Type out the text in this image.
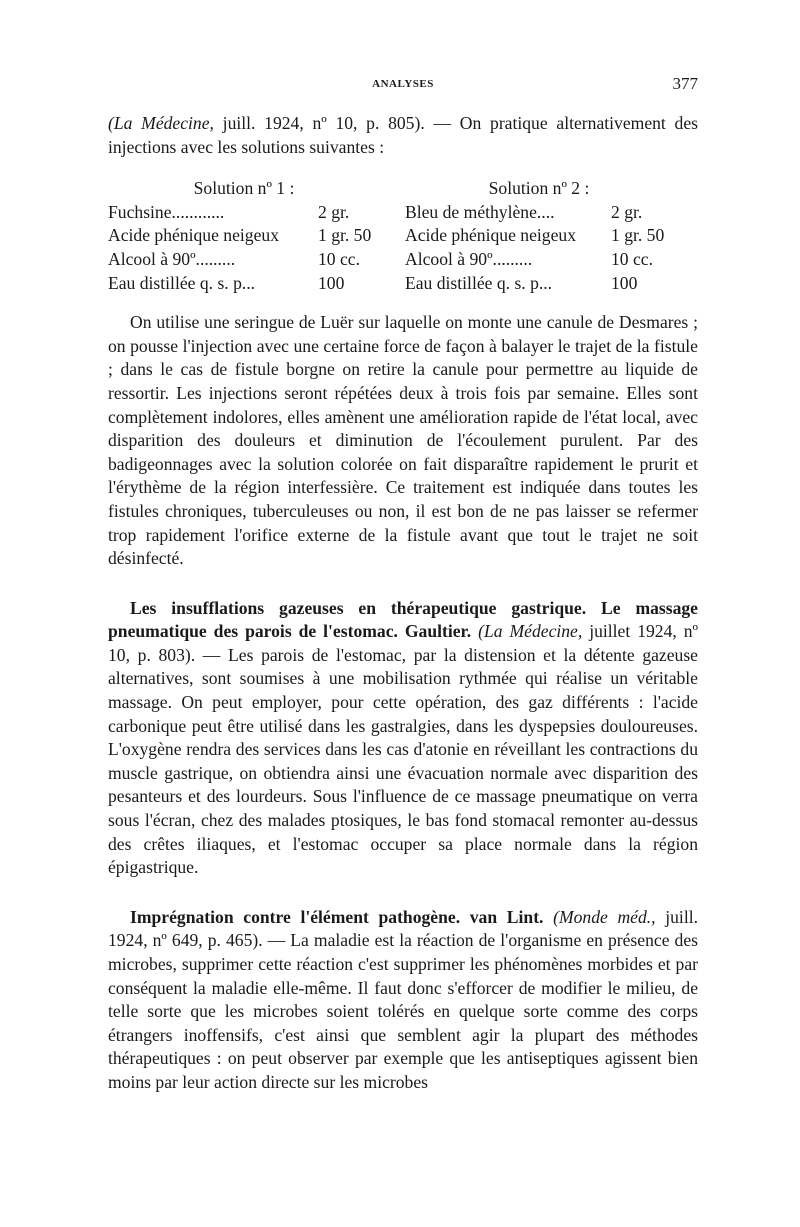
ANALYSES	377

(La Médecine, juill. 1924, nº 10, p. 805). — On pratique alternativement des injections avec les solutions suivantes :

Solution nº 1 :
Fuchsine............	2 gr.
Acide phénique neigeux	1 gr. 50
Alcool à 90º.........	10 cc.
Eau distillée q. s. p...	100
Solution nº 2 :
Bleu de méthylène....	2 gr.
Acide phénique neigeux	1 gr. 50
Alcool à 90º.........	10 cc.
Eau distillée q. s. p...	100

On utilise une seringue de Luër sur laquelle on monte une canule de Desmares ; on pousse l'injection avec une certaine force de façon à balayer le trajet de la fistule ; dans le cas de fistule borgne on retire la canule pour permettre au liquide de ressortir. Les injections seront répétées deux à trois fois par semaine. Elles sont complètement indolores, elles amènent une amélioration rapide de l'état local, avec disparition des douleurs et diminution de l'écoulement purulent. Par des badigeonnages avec la solution colorée on fait disparaître rapidement le prurit et l'érythème de la région interfessière. Ce traitement est indiquée dans toutes les fistules chroniques, tuberculeuses ou non, il est bon de ne pas laisser se refermer trop rapidement l'orifice externe de la fistule avant que tout le trajet ne soit désinfecté.

Les insufflations gazeuses en thérapeutique gastrique. Le massage pneumatique des parois de l'estomac. Gaultier. (La Médecine, juillet 1924, nº 10, p. 803). — Les parois de l'estomac, par la distension et la détente gazeuse alternatives, sont soumises à une mobilisation rythmée qui réalise un véritable massage. On peut employer, pour cette opération, des gaz différents : l'acide carbonique peut être utilisé dans les gastralgies, dans les dyspepsies douloureuses. L'oxygène rendra des services dans les cas d'atonie en réveillant les contractions du muscle gastrique, on obtiendra ainsi une évacuation normale avec disparition des pesanteurs et des lourdeurs. Sous l'influence de ce massage pneumatique on verra sous l'écran, chez des malades ptosiques, le bas fond stomacal remonter au-dessus des crêtes iliaques, et l'estomac occuper sa place normale dans la région épigastrique.

Imprégnation contre l'élément pathogène. van Lint. (Monde méd., juill. 1924, nº 649, p. 465). — La maladie est la réaction de l'organisme en présence des microbes, supprimer cette réaction c'est supprimer les phénomènes morbides et par conséquent la maladie elle-même. Il faut donc s'efforcer de modifier le milieu, de telle sorte que les microbes soient tolérés en quelque sorte comme des corps étrangers inoffensifs, c'est ainsi que semblent agir la plupart des méthodes thérapeutiques : on peut observer par exemple que les antiseptiques agissent bien moins par leur action directe sur les microbes
